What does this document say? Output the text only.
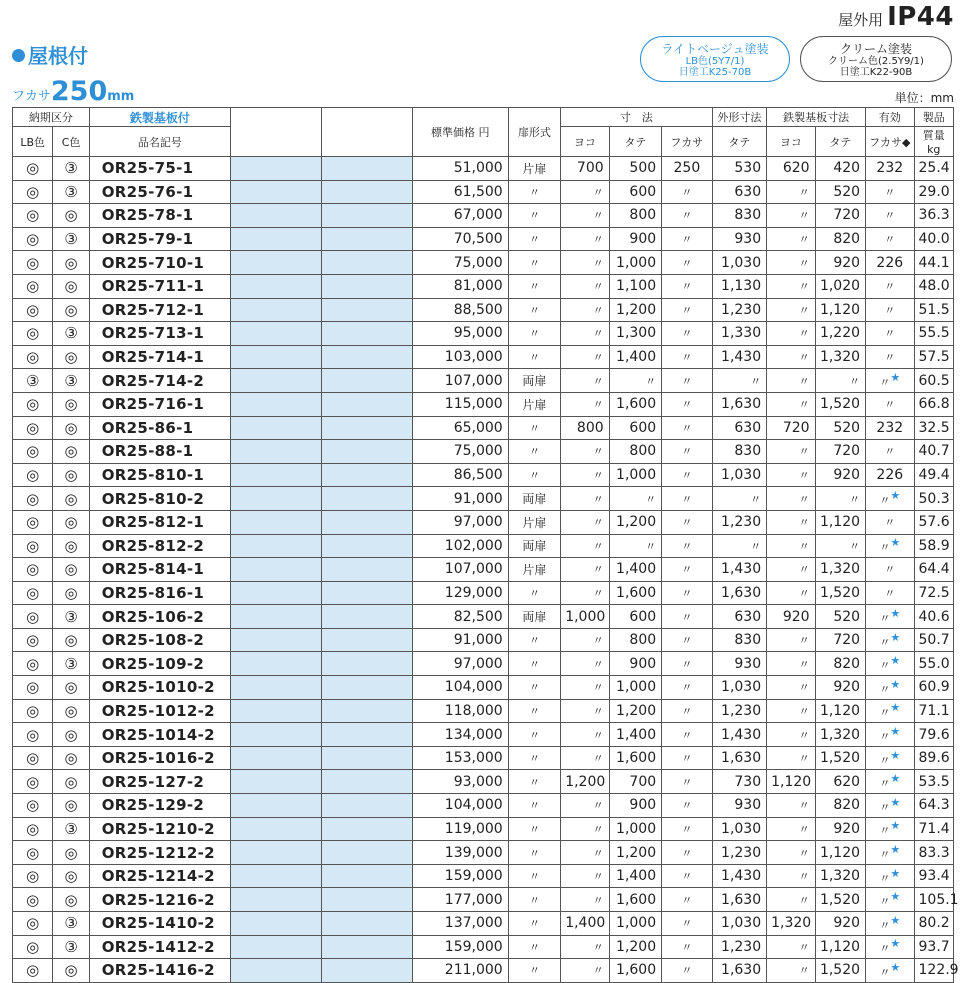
屋外用 IP44
屋根付
フカサ250mm
ライトベージュ塗装
LB色(5Y7/1)
日塗工K25-70B
クリーム塗装
クリーム色(2.5Y9/1)
日塗工K22-90B
単位：mm
納期区分		鉄製基板付			標準価格 円	扉形式	寸　法			外形寸法	鉄製基板寸法		有効	製品
LB色	C色	品名記号					ヨコ	タテ	フカサ	タテ	ヨコ	タテ	フカサ◆	質量
kg
◎	③	OR25-75-1			51,000	片扉	700	500	250	530	620	420	232	25.4
◎	③	OR25-76-1			61,500	〃	〃	600	〃	630	〃	520	〃	29.0
◎	◎	OR25-78-1			67,000	〃	〃	800	〃	830	〃	720	〃	36.3
◎	③	OR25-79-1			70,500	〃	〃	900	〃	930	〃	820	〃	40.0
◎	◎	OR25-710-1			75,000	〃	〃	1,000	〃	1,030	〃	920	226	44.1
◎	◎	OR25-711-1			81,000	〃	〃	1,100	〃	1,130	〃	1,020	〃	48.0
◎	◎	OR25-712-1			88,500	〃	〃	1,200	〃	1,230	〃	1,120	〃	51.5
◎	③	OR25-713-1			95,000	〃	〃	1,300	〃	1,330	〃	1,220	〃	55.5
◎	◎	OR25-714-1			103,000	〃	〃	1,400	〃	1,430	〃	1,320	〃	57.5
③	③	OR25-714-2			107,000	両扉	〃	〃	〃	〃	〃	〃	〃★	60.5
◎	◎	OR25-716-1			115,000	片扉	〃	1,600	〃	1,630	〃	1,520	〃	66.8
◎	◎	OR25-86-1			65,000	〃	800	600	〃	630	720	520	232	32.5
◎	◎	OR25-88-1			75,000	〃	〃	800	〃	830	〃	720	〃	40.7
◎	◎	OR25-810-1			86,500	〃	〃	1,000	〃	1,030	〃	920	226	49.4
◎	◎	OR25-810-2			91,000	両扉	〃	〃	〃	〃	〃	〃	〃★	50.3
◎	◎	OR25-812-1			97,000	片扉	〃	1,200	〃	1,230	〃	1,120	〃	57.6
◎	◎	OR25-812-2			102,000	両扉	〃	〃	〃	〃	〃	〃	〃★	58.9
◎	◎	OR25-814-1			107,000	片扉	〃	1,400	〃	1,430	〃	1,320	〃	64.4
◎	◎	OR25-816-1			129,000	〃	〃	1,600	〃	1,630	〃	1,520	〃	72.5
◎	③	OR25-106-2			82,500	両扉	1,000	600	〃	630	920	520	〃★	40.6
◎	◎	OR25-108-2			91,000	〃	〃	800	〃	830	〃	720	〃★	50.7
◎	③	OR25-109-2			97,000	〃	〃	900	〃	930	〃	820	〃★	55.0
◎	◎	OR25-1010-2			104,000	〃	〃	1,000	〃	1,030	〃	920	〃★	60.9
◎	◎	OR25-1012-2			118,000	〃	〃	1,200	〃	1,230	〃	1,120	〃★	71.1
◎	◎	OR25-1014-2			134,000	〃	〃	1,400	〃	1,430	〃	1,320	〃★	79.6
◎	◎	OR25-1016-2			153,000	〃	〃	1,600	〃	1,630	〃	1,520	〃★	89.6
◎	◎	OR25-127-2			93,000	〃	1,200	700	〃	730	1,120	620	〃★	53.5
◎	◎	OR25-129-2			104,000	〃	〃	900	〃	930	〃	820	〃★	64.3
◎	③	OR25-1210-2			119,000	〃	〃	1,000	〃	1,030	〃	920	〃★	71.4
◎	◎	OR25-1212-2			139,000	〃	〃	1,200	〃	1,230	〃	1,120	〃★	83.3
◎	◎	OR25-1214-2			159,000	〃	〃	1,400	〃	1,430	〃	1,320	〃★	93.4
◎	◎	OR25-1216-2			177,000	〃	〃	1,600	〃	1,630	〃	1,520	〃★	105.1
◎	③	OR25-1410-2			137,000	〃	1,400	1,000	〃	1,030	1,320	920	〃★	80.2
◎	③	OR25-1412-2			159,000	〃	〃	1,200	〃	1,230	〃	1,120	〃★	93.7
◎	◎	OR25-1416-2			211,000	〃	〃	1,600	〃	1,630	〃	1,520	〃★	122.9
